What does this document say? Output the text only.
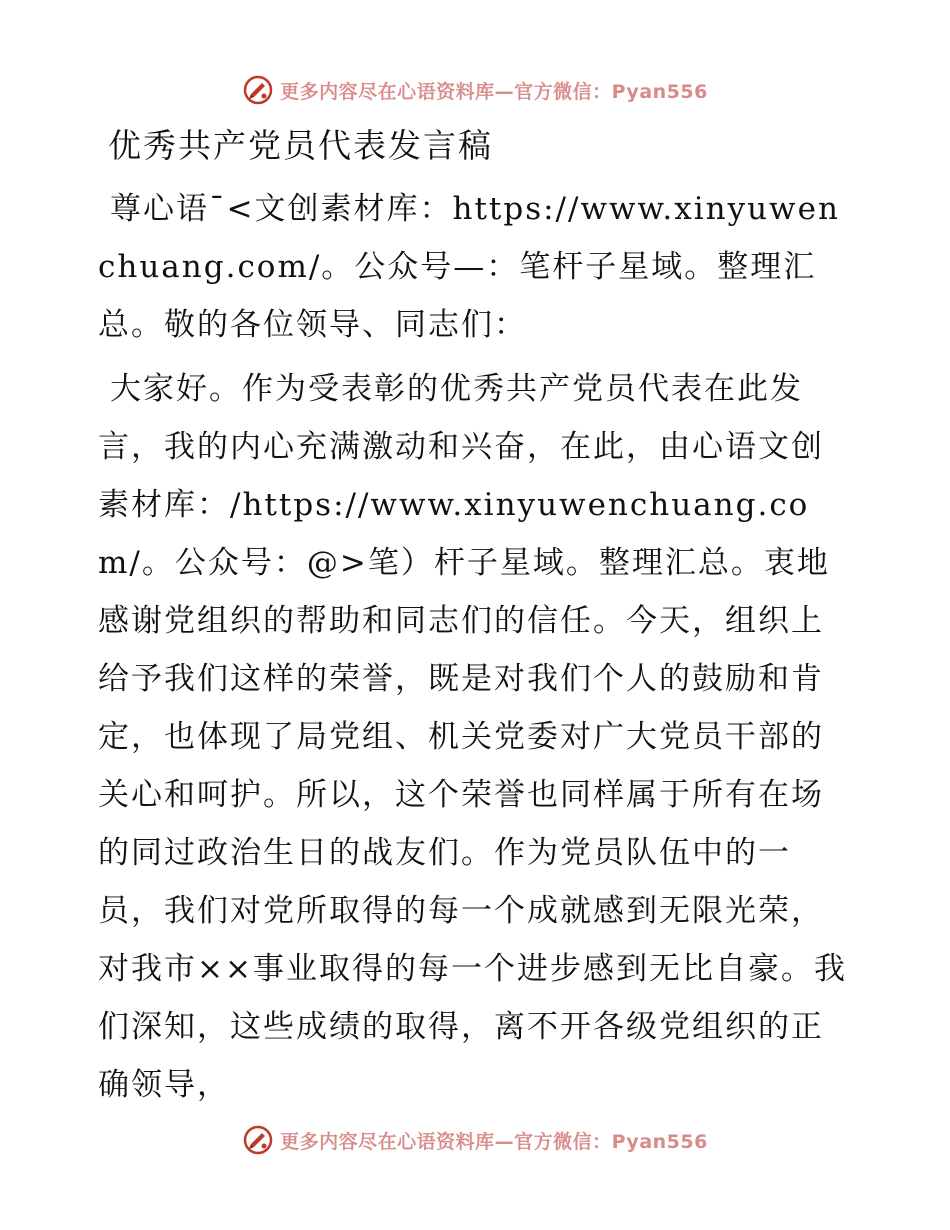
更多内容尽在心语资料库—官方微信：Pyan556
优秀共产党员代表发言稿

尊心语¯<文创素材库：https://www.xinyuwenchuang.com/。公众号—：笔杆子星域。整理汇总。敬的各位领导、同志们：

大家好。作为受表彰的优秀共产党员代表在此发言，我的内心充满激动和兴奋，在此，由心语文创素材库：/https://www.xinyuwenchuang.com/。公众号：@>笔）杆子星域。整理汇总。衷地感谢党组织的帮助和同志们的信任。今天，组织上给予我们这样的荣誉，既是对我们个人的鼓励和肯定，也体现了局党组、机关党委对广大党员干部的关心和呵护。所以，这个荣誉也同样属于所有在场的同过政治生日的战友们。作为党员队伍中的一员，我们对党所取得的每一个成就感到无限光荣，对我市××事业取得的每一个进步感到无比自豪。我们深知，这些成绩的取得，离不开各级党组织的正确领导，

更多内容尽在心语资料库—官方微信：Pyan556
